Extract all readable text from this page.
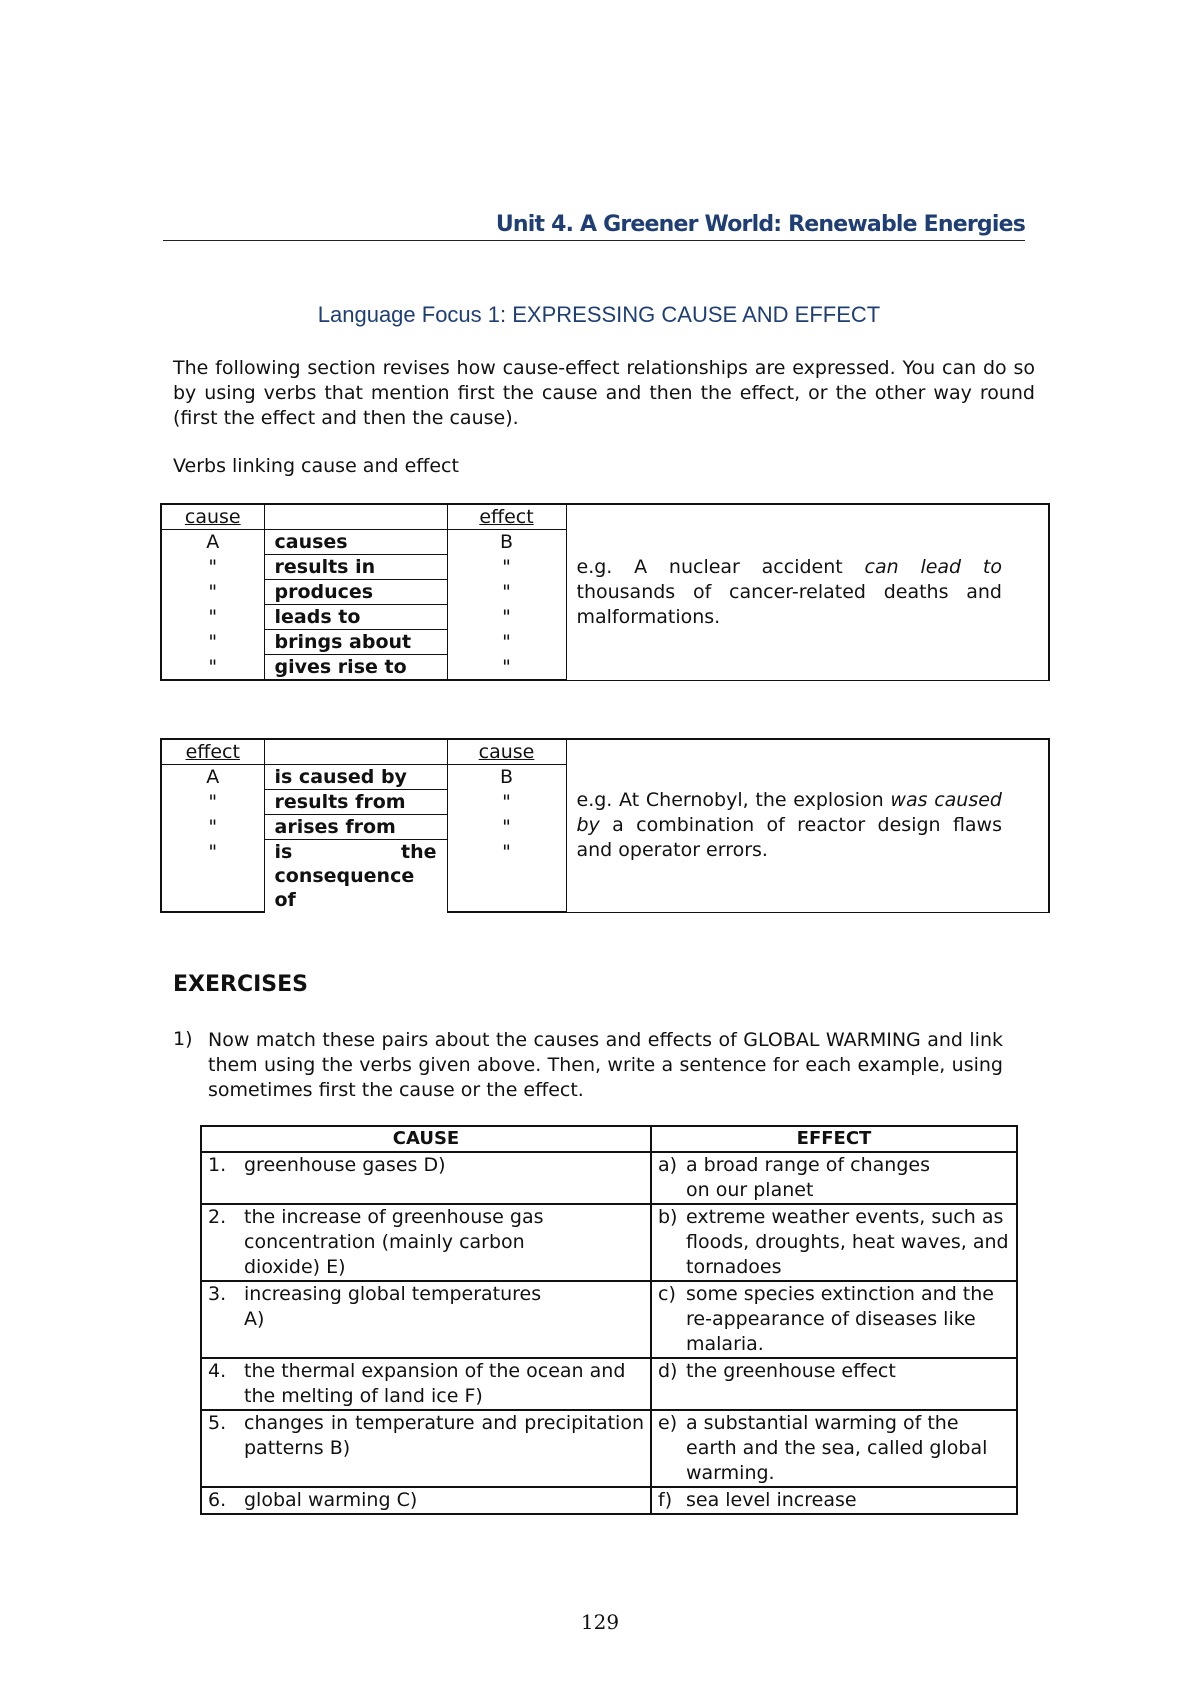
Unit 4. A Greener World: Renewable Energies
Language Focus 1: EXPRESSING CAUSE AND EFFECT
The following section revises how cause-effect relationships are expressed. You can do so by using verbs that mention first the cause and then the effect, or the other way round (first the effect and then the cause).
Verbs linking cause and effect
cause		effect	e.g. A nuclear accident can lead to thousands of cancer-related deaths and malformations.
A	causes	B	
"	results in	"	
"	produces	"	
"	leads to	"	
"	brings about	"	
"	gives rise to	"	
effect		cause	e.g. At Chernobyl, the explosion was caused by a combination of reactor design flaws and operator errors.
A	is caused by	B	
"	results from	"	
"	arises from	"	
"	is the consequence of	"	
EXERCISES
1) Now match these pairs about the causes and effects of GLOBAL WARMING and link them using the verbs given above. Then, write a sentence for each example, using sometimes first the cause or the effect.
CAUSE	EFFECT

1. greenhouse gases D)	a) a broad range of changes on our planet

2. the increase of greenhouse gas concentration (mainly carbon dioxide) E)	b) extreme weather events, such as floods, droughts, heat waves, and tornadoes

3. increasing global temperatures A)	c) some species extinction and the re-appearance of diseases like malaria.

4. the thermal expansion of the ocean and the melting of land ice F)	d) the greenhouse effect

5. changes in temperature and precipitation patterns B)	e) a substantial warming of the earth and the sea, called global warming.

6. global warming C)	f) sea level increase
129
